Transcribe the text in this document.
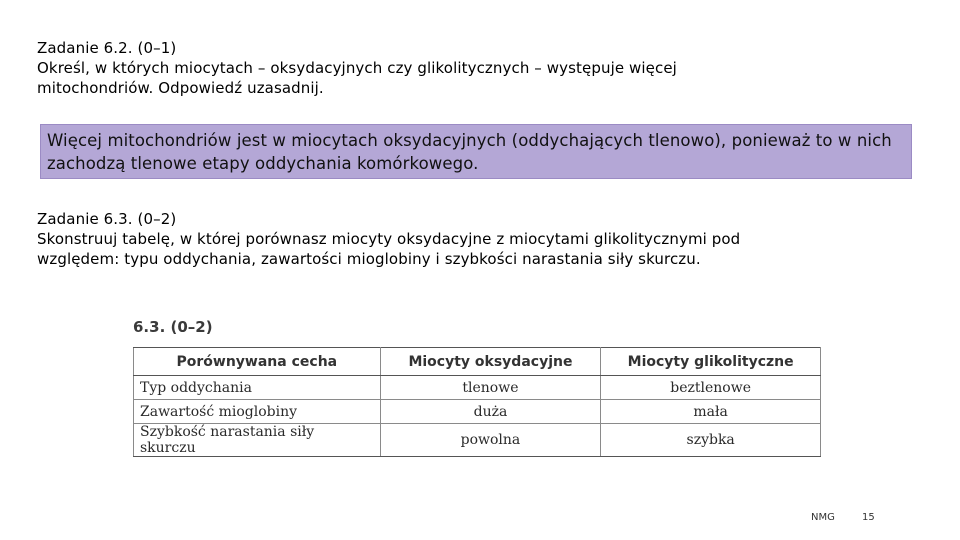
Zadanie 6.2. (0–1)
Określ, w których miocytach – oksydacyjnych czy glikolitycznych – występuje więcej
mitochondriów. Odpowiedź uzasadnij.
Więcej mitochondriów jest w miocytach oksydacyjnych (oddychających tlenowo), ponieważ to w nich zachodzą tlenowe etapy oddychania komórkowego.
Zadanie 6.3. (0–2)
Skonstruuj tabelę, w której porównasz miocyty oksydacyjne z miocytami glikolitycznymi pod
względem: typu oddychania, zawartości mioglobiny i szybkości narastania siły skurczu.
6.3. (0–2)
Porównywana cecha	Miocyty oksydacyjne	Miocyty glikolityczne
Typ oddychania	tlenowe	beztlenowe
Zawartość mioglobiny	duża	mała
Szybkość narastania siły skurczu	powolna	szybka
NMG	15
